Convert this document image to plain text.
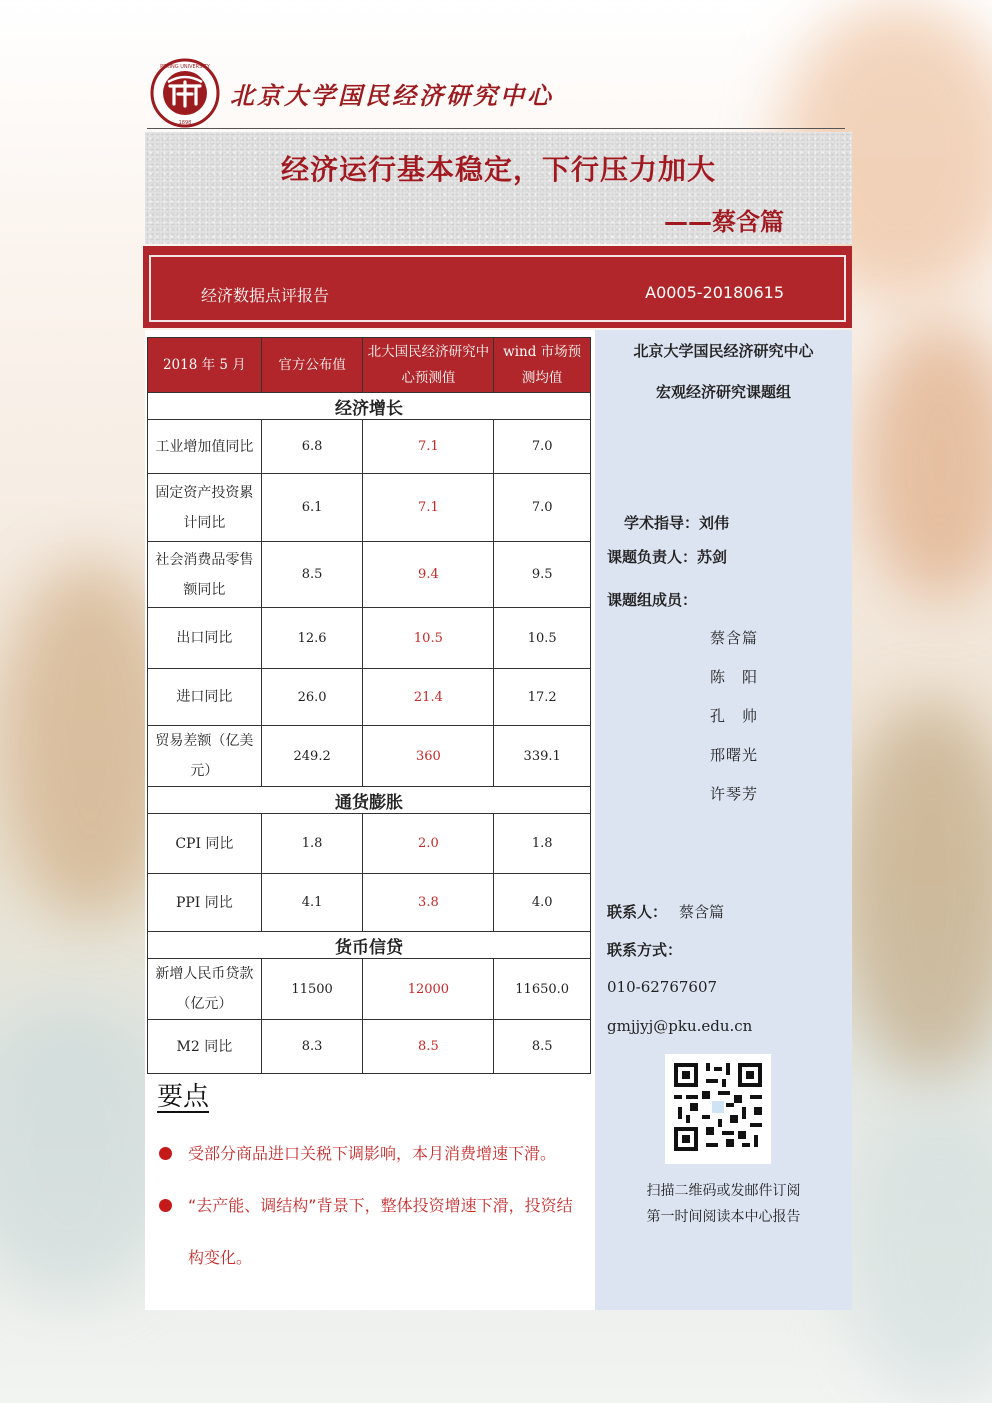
PEKING UNIVERSITY
1898
北京大学国民经济研究中心
经济运行基本稳定，下行压力加大
——蔡含篇
经济数据点评报告	A0005-20180615
2018 年 5 月	官方公布值	北大国民经济研究中心预测值	wind 市场预测均值
经济增长			
工业增加值同比	6.8	7.1	7.0
固定资产投资累计同比	6.1	7.1	7.0
社会消费品零售额同比	8.5	9.4	9.5
出口同比	12.6	10.5	10.5
进口同比	26.0	21.4	17.2
贸易差额（亿美元）	249.2	360	339.1
通货膨胀			
CPI 同比	1.8	2.0	1.8
PPI 同比	4.1	3.8	4.0
货币信贷			
新增人民币贷款（亿元）	11500	12000	11650.0
M2 同比	8.3	8.5	8.5
要点
受部分商品进口关税下调影响，本月消费增速下滑。
“去产能、调结构”背景下，整体投资增速下滑，投资结构变化。
北京大学国民经济研究中心
宏观经济研究课题组
学术指导：刘伟
课题负责人：苏剑
课题组成员：
蔡含篇
陈　阳
孔　帅
邢曙光
许琴芳
联系人： 蔡含篇
联系方式：
010-62767607
gmjjyj@pku.edu.cn
扫描二维码或发邮件订阅
第一时间阅读本中心报告
